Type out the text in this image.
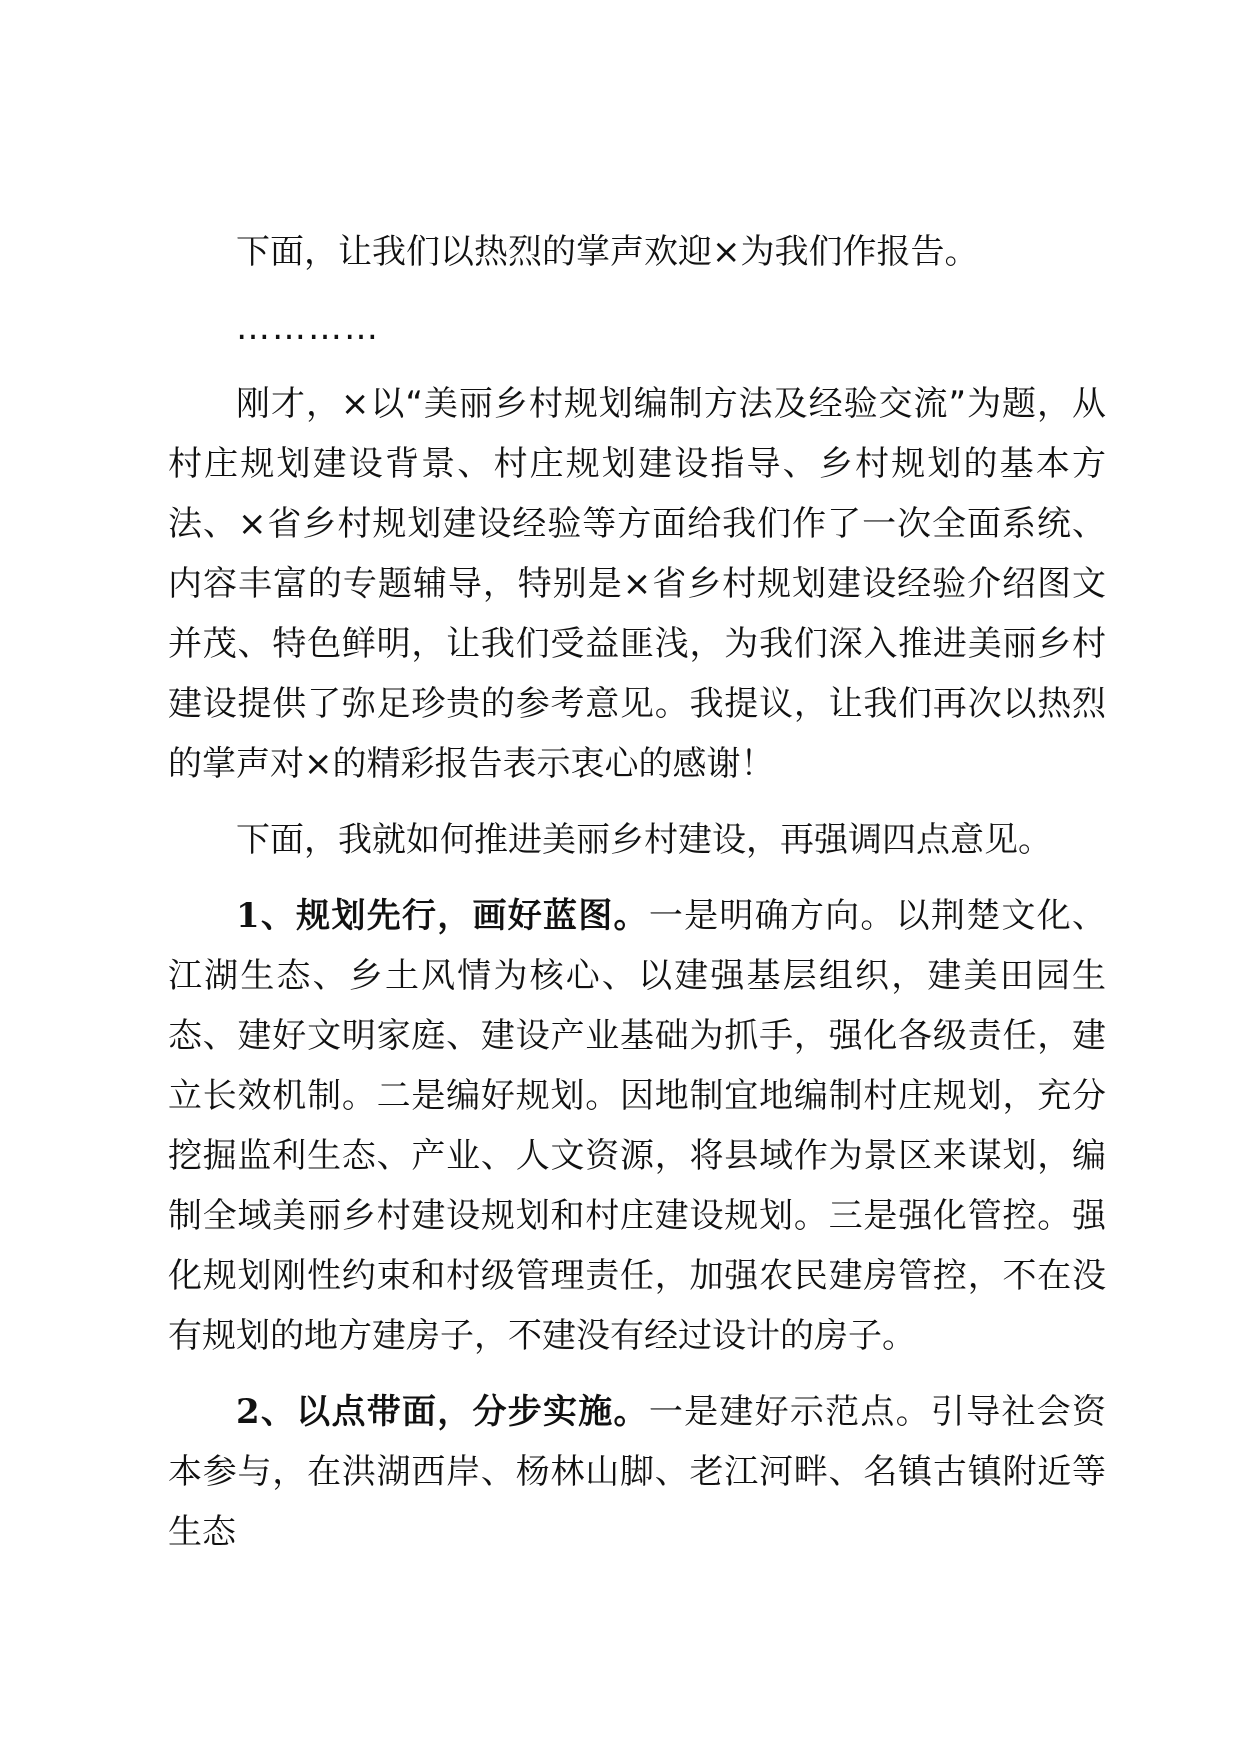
下面，让我们以热烈的掌声欢迎×为我们作报告。

…………

刚才，×以“美丽乡村规划编制方法及经验交流”为题，从村庄规划建设背景、村庄规划建设指导、乡村规划的基本方法、×省乡村规划建设经验等方面给我们作了一次全面系统、内容丰富的专题辅导，特别是×省乡村规划建设经验介绍图文并茂、特色鲜明，让我们受益匪浅，为我们深入推进美丽乡村建设提供了弥足珍贵的参考意见。我提议，让我们再次以热烈的掌声对×的精彩报告表示衷心的感谢！

下面，我就如何推进美丽乡村建设，再强调四点意见。

1、规划先行，画好蓝图。一是明确方向。以荆楚文化、江湖生态、乡土风情为核心、以建强基层组织，建美田园生态、建好文明家庭、建设产业基础为抓手，强化各级责任，建立长效机制。二是编好规划。因地制宜地编制村庄规划，充分挖掘监利生态、产业、人文资源，将县域作为景区来谋划，编制全域美丽乡村建设规划和村庄建设规划。三是强化管控。强化规划刚性约束和村级管理责任，加强农民建房管控，不在没有规划的地方建房子，不建没有经过设计的房子。

2、以点带面，分步实施。一是建好示范点。引导社会资本参与，在洪湖西岸、杨林山脚、老江河畔、名镇古镇附近等生态
